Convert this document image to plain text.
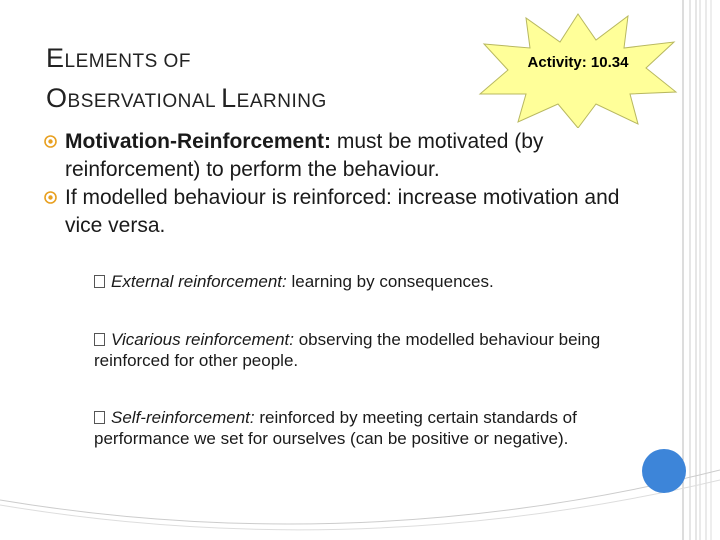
ELEMENTS OF
OBSERVATIONAL LEARNING
Activity: 10.34
Motivation-Reinforcement: must be motivated (by reinforcement) to perform the behaviour.
If modelled behaviour is reinforced: increase motivation and vice versa.
External reinforcement: learning by consequences.
Vicarious reinforcement: observing the modelled behaviour being reinforced for other people.
Self-reinforcement: reinforced by meeting certain standards of performance we set for ourselves (can be positive or negative).
